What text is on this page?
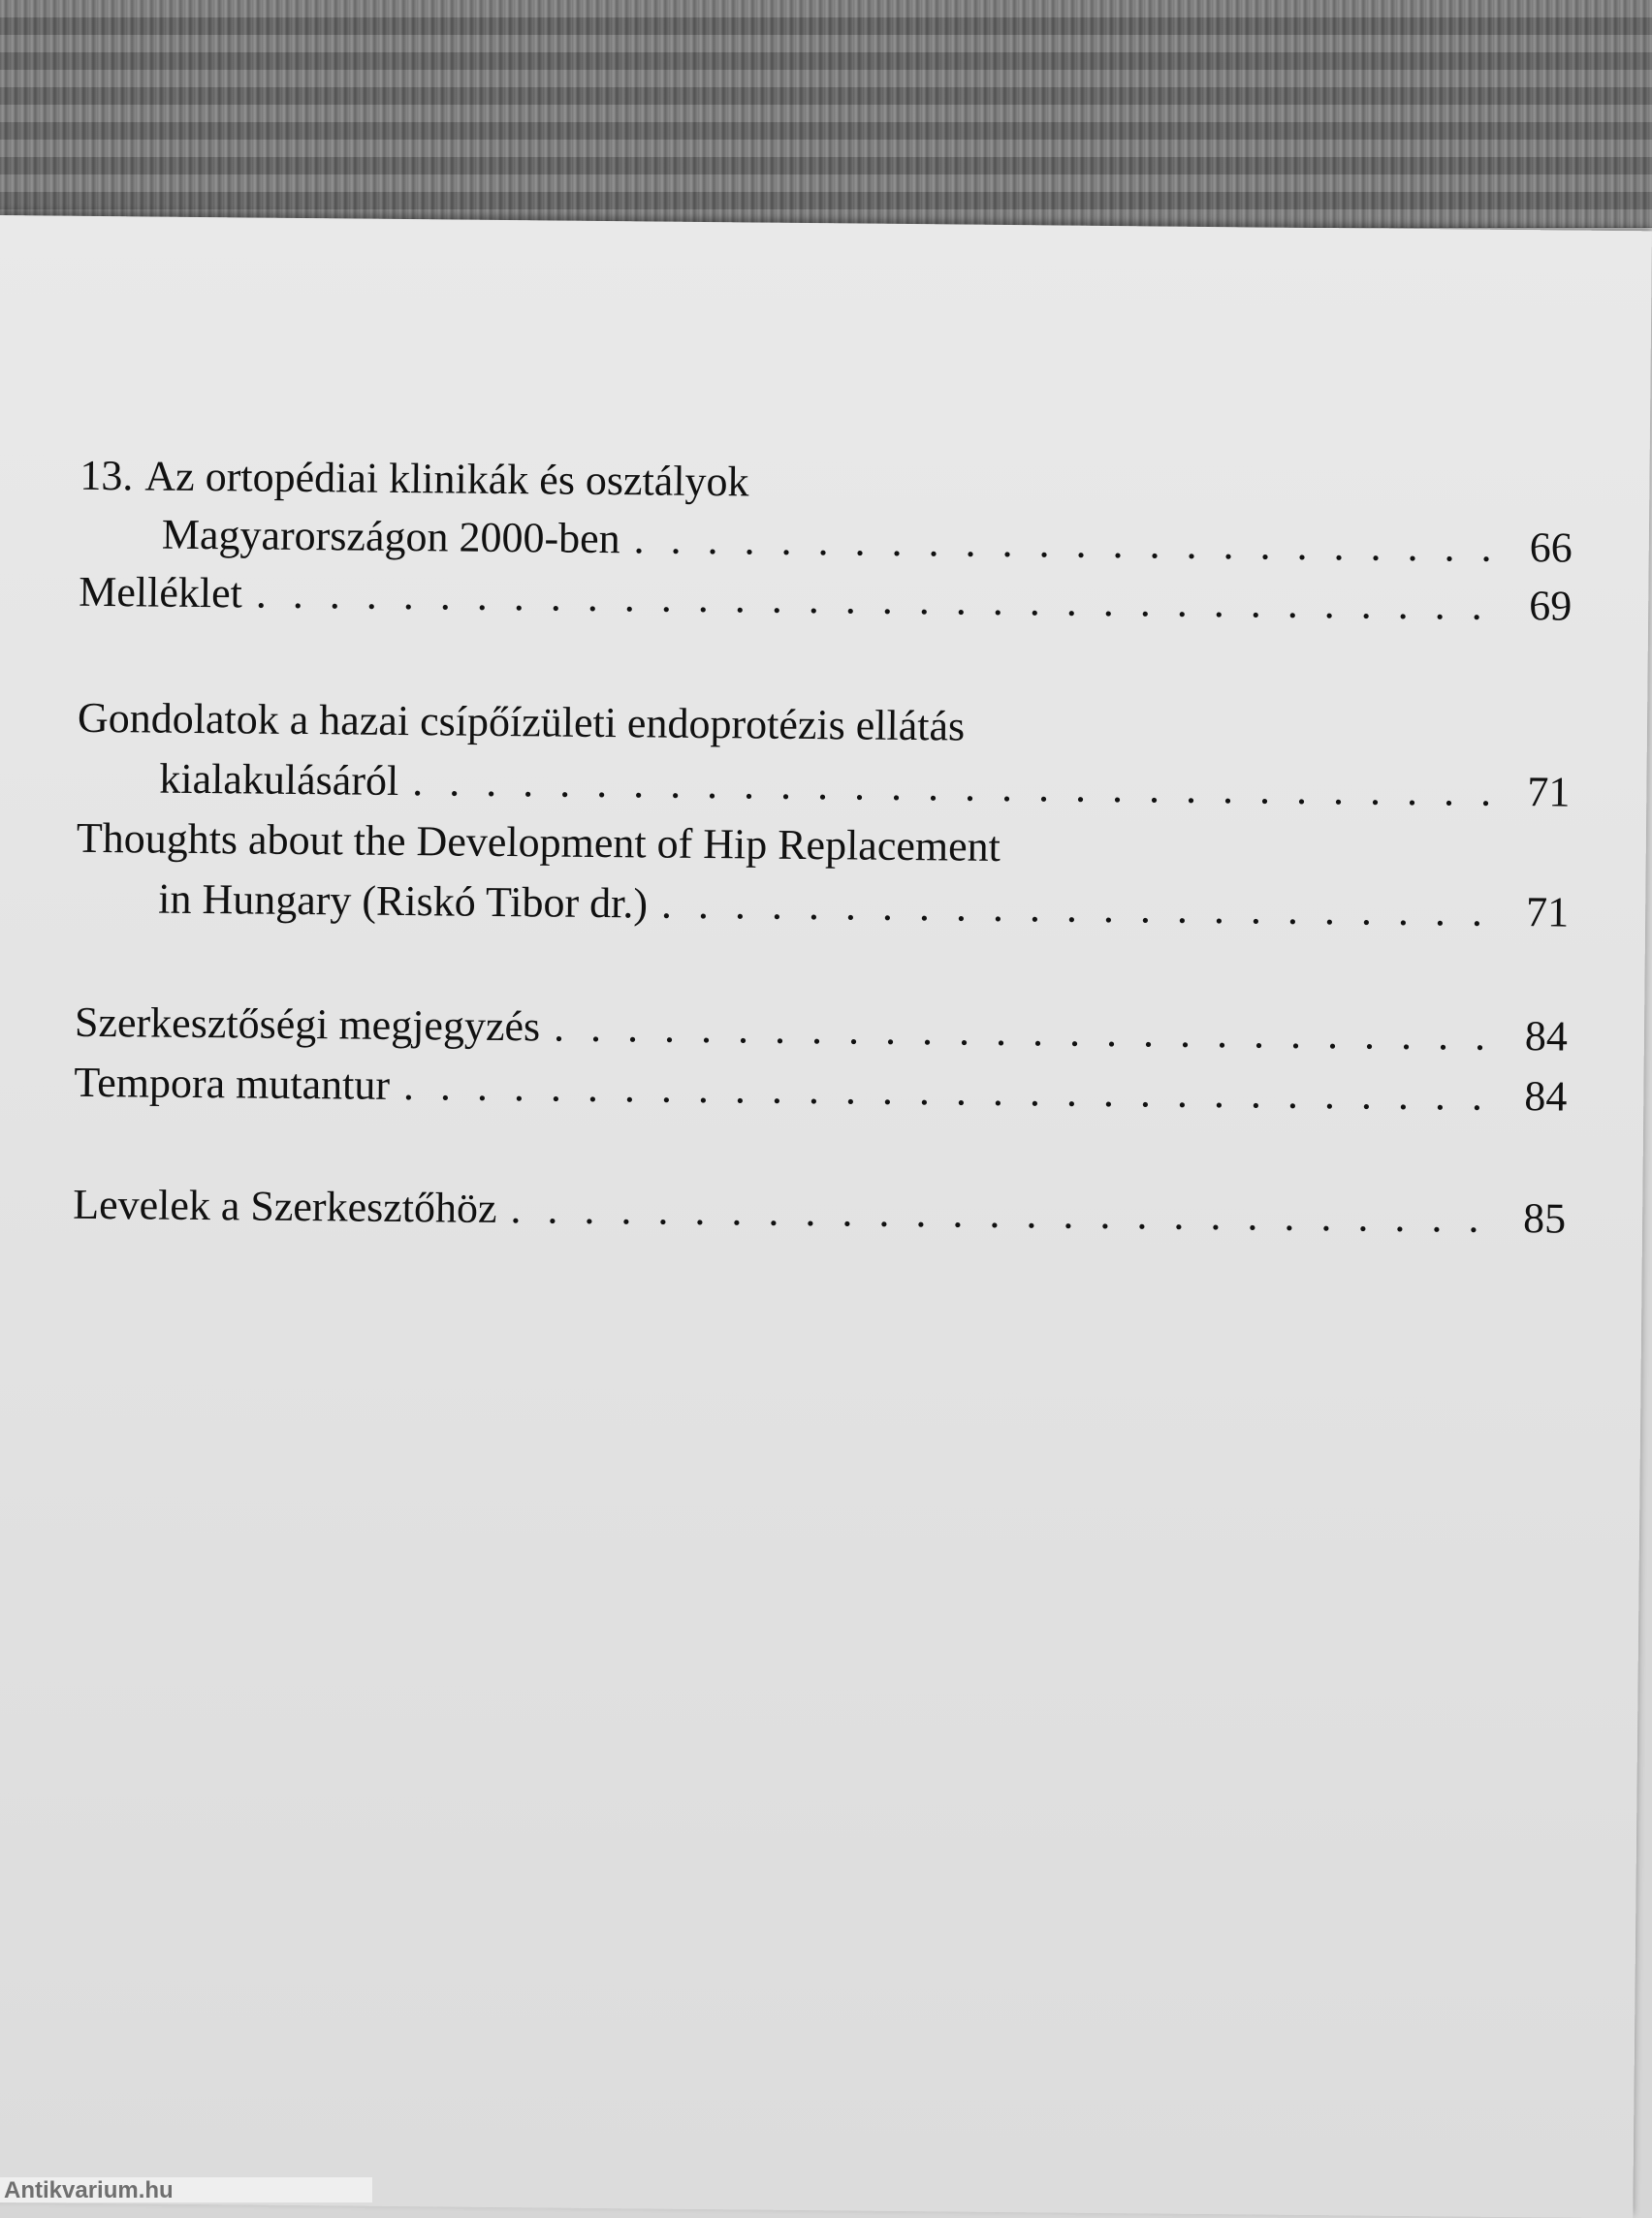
13. Az ortopédiai klinikák és osztályok
Magyarországon 2000-ben . . .	66
Melléklet . . .	69
Gondolatok a hazai csípőízületi endoprotézis ellátás
kialakulásáról . . .	71
Thoughts about the Development of Hip Replacement
in Hungary (Riskó Tibor dr.) . . .	71
Szerkesztőségi megjegyzés . . .	84
Tempora mutantur . . .	84
Levelek a Szerkesztőhöz . . .	85
Antikvarium.hu
